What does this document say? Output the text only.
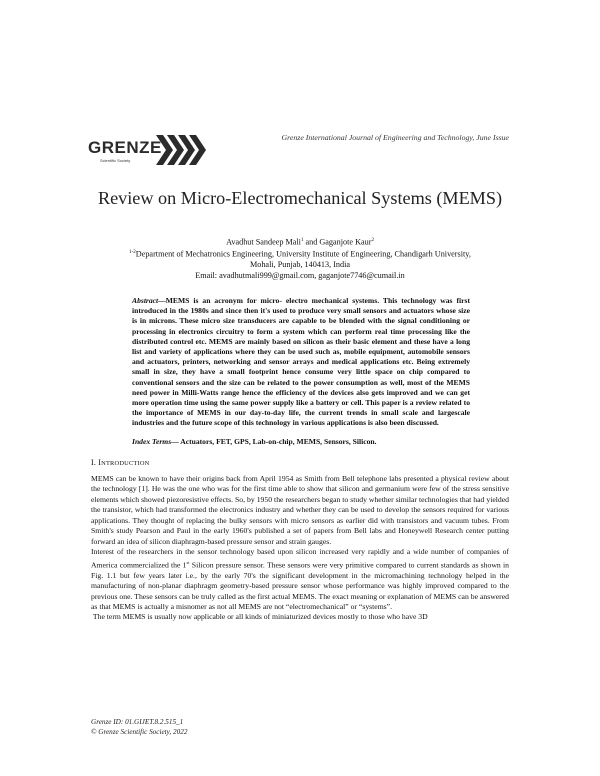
GRENZE
Scientific Society
Grenze International Journal of Engineering and Technology, June Issue
Review on Micro-Electromechanical Systems (MEMS)
Avadhut Sandeep Mali$^1$ and Gaganjote Kaur$^2$
$^{1-2}$Department of Mechatronics Engineering, University Institute of Engineering, Chandigarh University,
Mohali, Punjab, 140413, India
Email: avadhutmali999@gmail.com, gaganjote7746@cumail.in
Abstract—MEMS is an acronym for micro- electro mechanical systems. This technology was first introduced in the 1980s and since then it's used to produce very small sensors and actuators whose size is in microns. These micro size transducers are capable to be blended with the signal conditioning or processing in electronics circuitry to form a system which can perform real time processing like the distributed control etc. MEMS are mainly based on silicon as their basic element and these have a long list and variety of applications where they can be used such as, mobile equipment, automobile sensors and actuators, printers, networking and sensor arrays and medical applications etc. Being extremely small in size, they have a small footprint hence consume very little space on chip compared to conventional sensors and the size can be related to the power consumption as well, most of the MEMS need power in Milli-Watts range hence the efficiency of the devices also gets improved and we can get more operation time using the same power supply like a battery or cell. This paper is a review related to the importance of MEMS in our day-to-day life, the current trends in small scale and largescale industries and the future scope of this technology in various applications is also been discussed.
Index Terms— Actuators, FET, GPS, Lab-on-chip, MEMS, Sensors, Silicon.
I. INTRODUCTION

MEMS can be known to have their origins back from April 1954 as Smith from Bell telephone labs presented a physical review about the technology [1]. He was the one who was for the first time able to show that silicon and germanium were few of the stress sensitive elements which showed piezoresistive effects. So, by 1950 the researchers began to study whether similar technologies that had yielded the transistor, which had transformed the electronics industry and whether they can be used to develop the sensors required for various applications. They thought of replacing the bulky sensors with micro sensors as earlier did with transistors and vacuum tubes. From Smith's study Pearson and Paul in the early 1960's published a set of papers from Bell labs and Honeywell Research center putting forward an idea of silicon diaphragm-based pressure sensor and strain gauges.

Interest of the researchers in the sensor technology based upon silicon increased very rapidly and a wide number of companies of America commercialized the 1st Silicon pressure sensor. These sensors were very primitive compared to current standards as shown in Fig. 1.1 but few years later i.e., by the early 70's the significant development in the micromachining technology helped in the manufacturing of non-planar diaphragm geometry-based pressure sensor whose performance was highly improved compared to the previous one. These sensors can be truly called as the first actual MEMS. The exact meaning or explanation of MEMS can be answered as that MEMS is actually a misnomer as not all MEMS are not “electromechanical” or “systems”.

The term MEMS is usually now applicable or all kinds of miniaturized devices mostly to those who have 3D

Grenze ID: 01.GIJET.8.2.515_1
© Grenze Scientific Society, 2022
